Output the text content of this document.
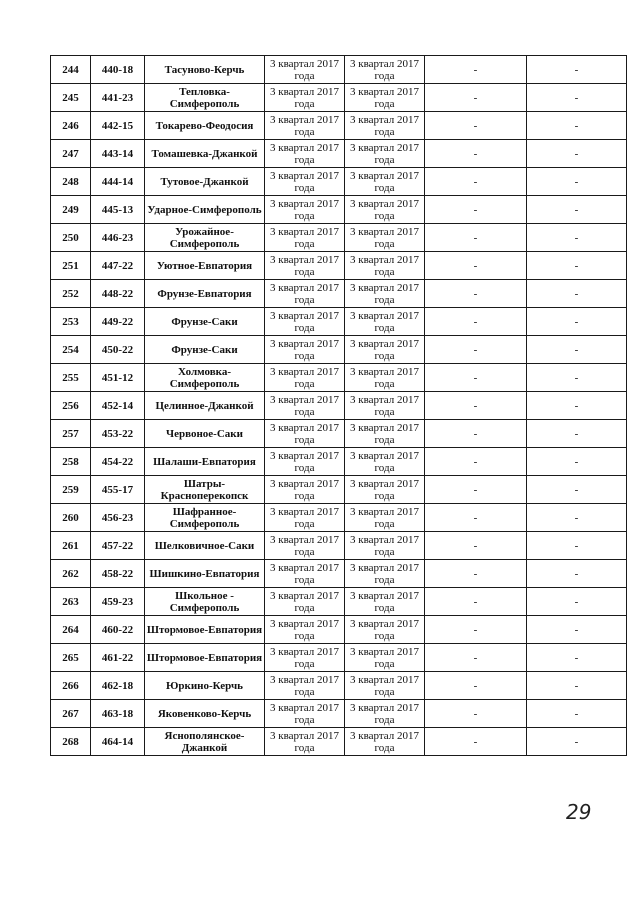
244	440-18	Тасуново-Керчь	3 квартал 2017 года	3 квартал 2017 года	-	-
245	441-23	Тепловка-Симферополь	3 квартал 2017 года	3 квартал 2017 года	-	-
246	442-15	Токарево-Феодосия	3 квартал 2017 года	3 квартал 2017 года	-	-
247	443-14	Томашевка-Джанкой	3 квартал 2017 года	3 квартал 2017 года	-	-
248	444-14	Тутовое-Джанкой	3 квартал 2017 года	3 квартал 2017 года	-	-
249	445-13	Ударное-Симферополь	3 квартал 2017 года	3 квартал 2017 года	-	-
250	446-23	Урожайное-Симферополь	3 квартал 2017 года	3 квартал 2017 года	-	-
251	447-22	Уютное-Евпатория	3 квартал 2017 года	3 квартал 2017 года	-	-
252	448-22	Фрунзе-Евпатория	3 квартал 2017 года	3 квартал 2017 года	-	-
253	449-22	Фрунзе-Саки	3 квартал 2017 года	3 квартал 2017 года	-	-
254	450-22	Фрунзе-Саки	3 квартал 2017 года	3 квартал 2017 года	-	-
255	451-12	Холмовка-Симферополь	3 квартал 2017 года	3 квартал 2017 года	-	-
256	452-14	Целинное-Джанкой	3 квартал 2017 года	3 квартал 2017 года	-	-
257	453-22	Червоное-Саки	3 квартал 2017 года	3 квартал 2017 года	-	-
258	454-22	Шалаши-Евпатория	3 квартал 2017 года	3 квартал 2017 года	-	-
259	455-17	Шатры-Красноперекопск	3 квартал 2017 года	3 квартал 2017 года	-	-
260	456-23	Шафранное-Симферополь	3 квартал 2017 года	3 квартал 2017 года	-	-
261	457-22	Шелковичное-Саки	3 квартал 2017 года	3 квартал 2017 года	-	-
262	458-22	Шишкино-Евпатория	3 квартал 2017 года	3 квартал 2017 года	-	-
263	459-23	Школьное - Симферополь	3 квартал 2017 года	3 квартал 2017 года	-	-
264	460-22	Штормовое-Евпатория	3 квартал 2017 года	3 квартал 2017 года	-	-
265	461-22	Штормовое-Евпатория	3 квартал 2017 года	3 квартал 2017 года	-	-
266	462-18	Юркино-Керчь	3 квартал 2017 года	3 квартал 2017 года	-	-
267	463-18	Яковенково-Керчь	3 квартал 2017 года	3 квартал 2017 года	-	-
268	464-14	Яснополянское-Джанкой	3 квартал 2017 года	3 квартал 2017 года	-	-
29
